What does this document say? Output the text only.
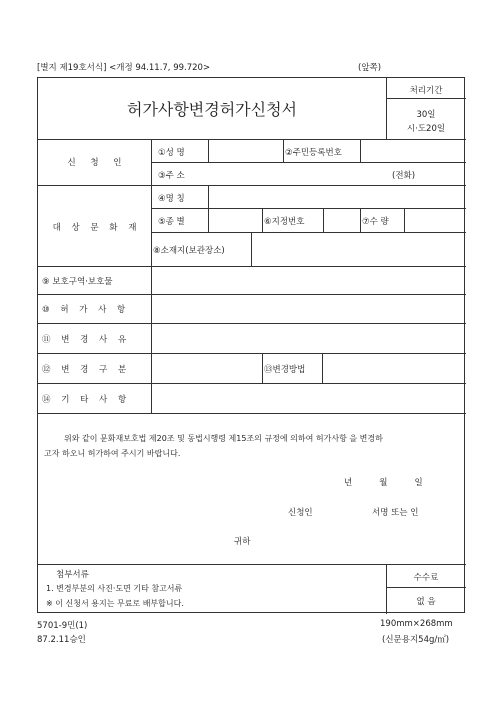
[별지 제19호서식] <개정 94.11.7, 99.720>	(앞쪽)
허가사항변경허가신청서
처리기간
30일
시·도20일
신 청 인
①성 명	②주민등록번호
③주 소	(전화)
대 상 문 화 재
④명 칭
⑤종 별	⑥지정번호	⑦수 량
⑧소재지(보관장소)
⑨ 보호구역·보호물
⑩ 허 가 사 항
⑪ 변 경 사 유
⑫ 변 경 구 분	⑬변경방법
⑭ 기 타 사 항
위와 같이 문화재보호법 제20조 및 동법시행령 제15조의 규정에 의하여 허가사항 을 변경하
고자 하오니 허가하여 주시기 바랍니다.
년          월          일
신청인	서명 또는 인
귀하
첨부서류
1. 변경부분의 사진·도면 기타 참고서류
※ 이 신청서 용지는 무료로 배부합니다.
수수료
없 음
5701-9민(1)
87.2.11승인
190mm×268mm
(신문용지54g/㎡)
